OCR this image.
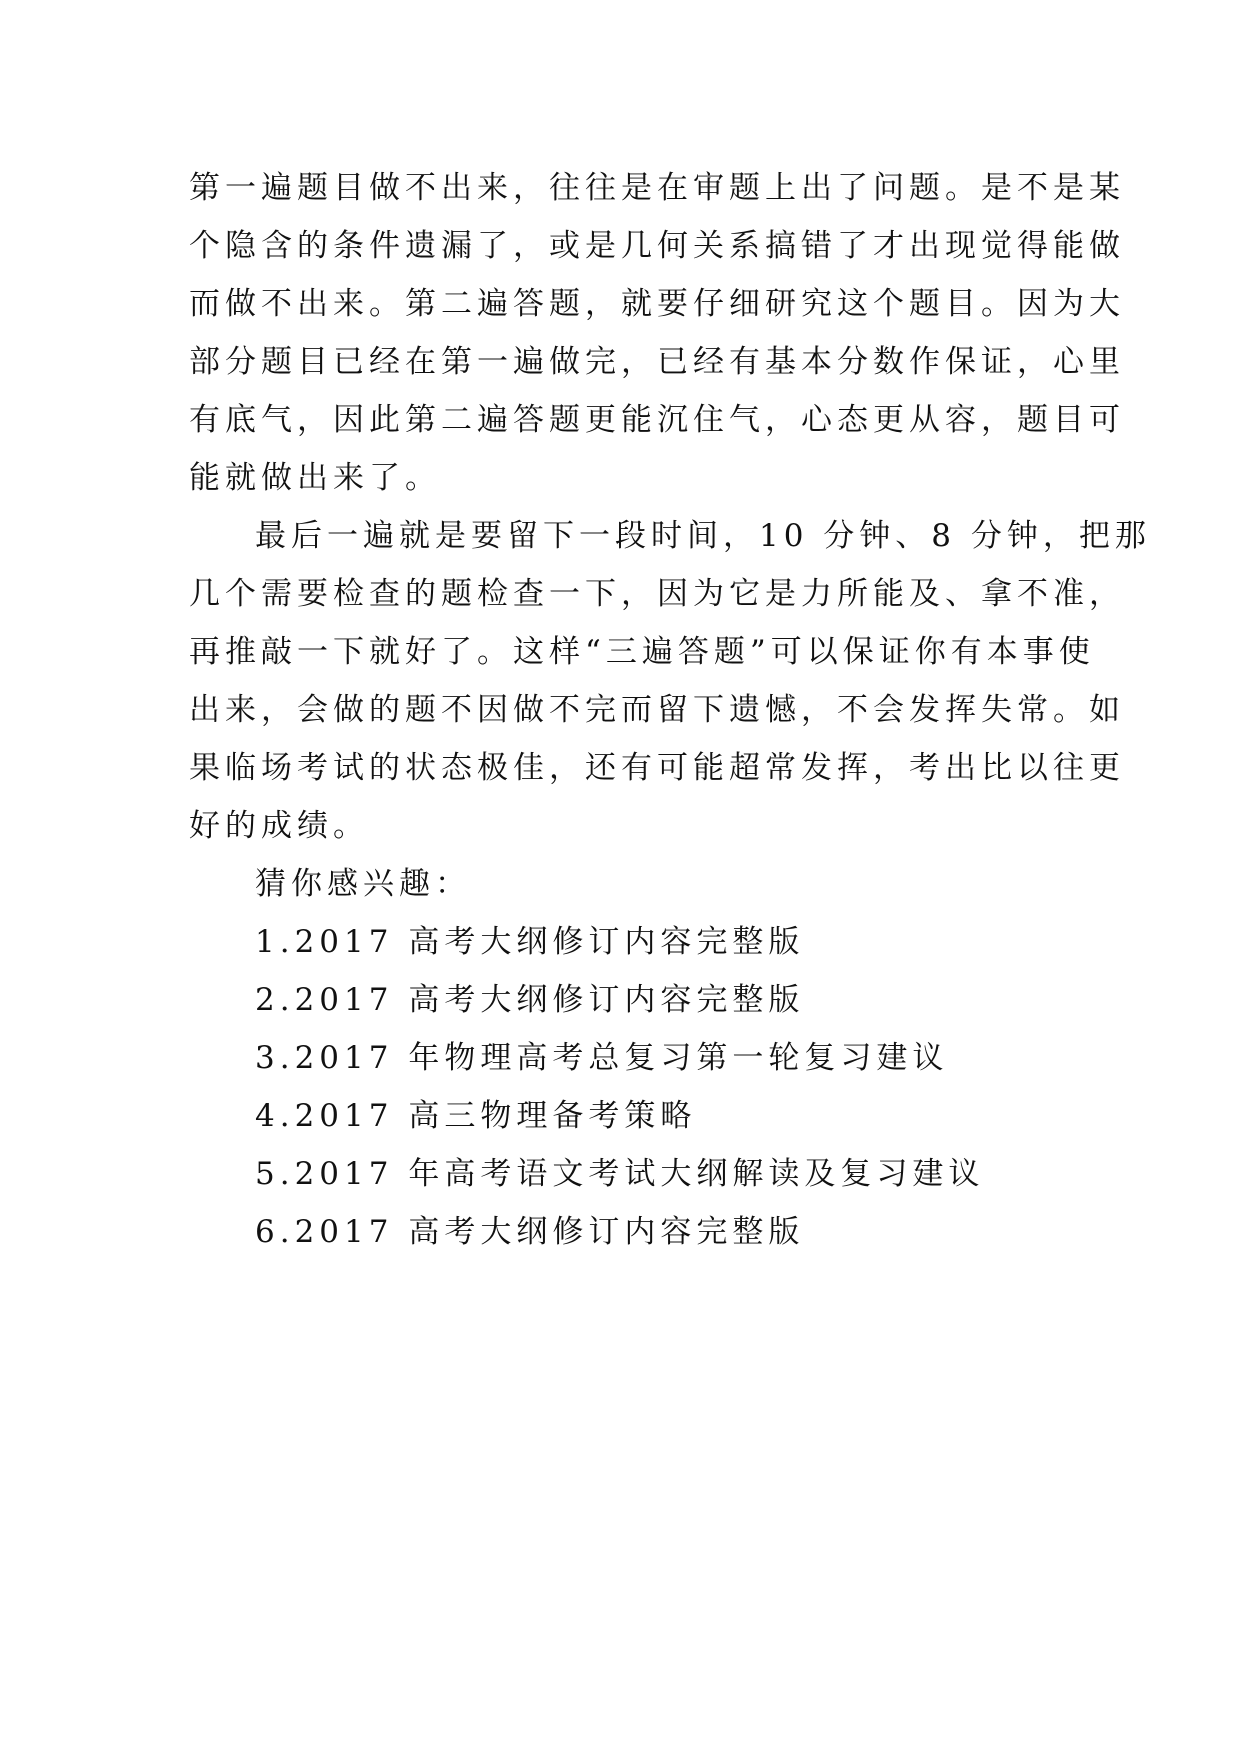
第一遍题目做不出来，往往是在审题上出了问题。是不是某
个隐含的条件遗漏了，或是几何关系搞错了才出现觉得能做
而做不出来。第二遍答题，就要仔细研究这个题目。因为大
部分题目已经在第一遍做完，已经有基本分数作保证，心里
有底气，因此第二遍答题更能沉住气，心态更从容，题目可
能就做出来了。
最后一遍就是要留下一段时间，10 分钟、8 分钟，把那
几个需要检查的题检查一下，因为它是力所能及、拿不准，
再推敲一下就好了。这样“三遍答题”可以保证你有本事使
出来，会做的题不因做不完而留下遗憾，不会发挥失常。如
果临场考试的状态极佳，还有可能超常发挥，考出比以往更
好的成绩。
猜你感兴趣：
1.2017 高考大纲修订内容完整版
2.2017 高考大纲修订内容完整版
3.2017 年物理高考总复习第一轮复习建议
4.2017 高三物理备考策略
5.2017 年高考语文考试大纲解读及复习建议
6.2017 高考大纲修订内容完整版
